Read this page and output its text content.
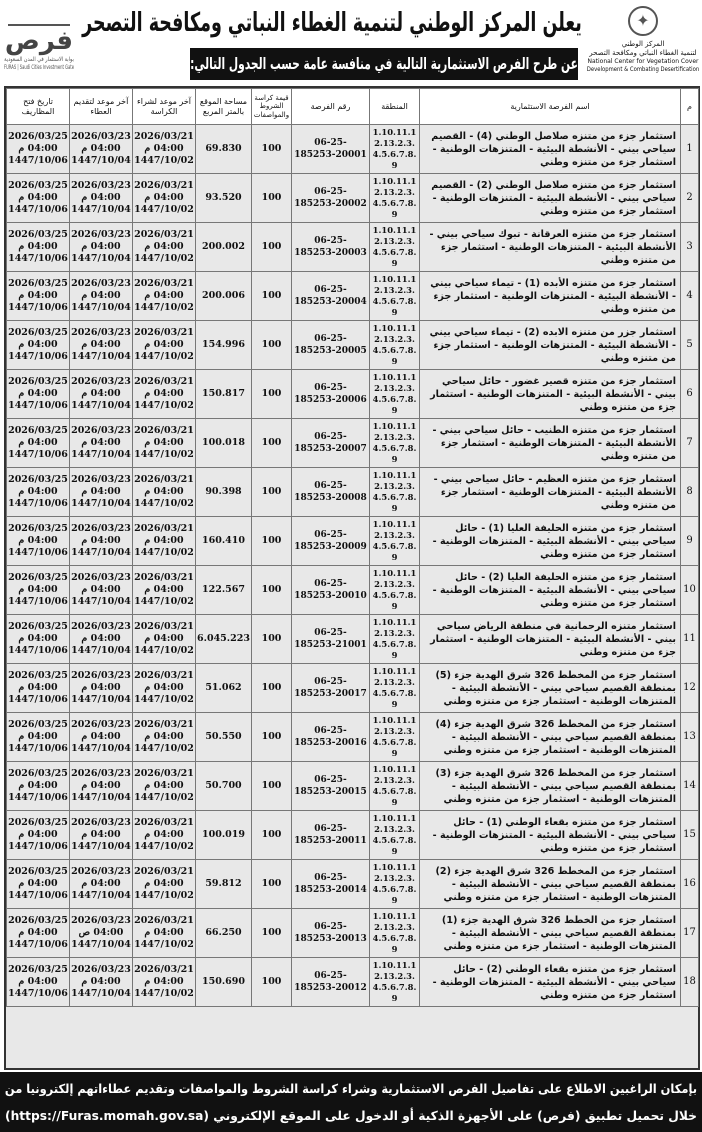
فرص
بوابة الاستثمار في المدن السعودية
FURAS | Saudi Cities Investment Gate
يعلن المركز الوطني لتنمية الغطاء النباتي ومكافحة التصحر
عن طرح الفرص الاستثمارية التالية في منافسة عامة حسب الجدول التالي:
✦
المركز الوطني
لتنمية الغطاء النباتي ومكافحة التصحر
National Center for Vegetation Cover
Development & Combating Desertification
م	اسم الفرصة الاستثمارية	المنطقة	رقم الفرصة	قيمة كراسة الشروط والمواصفات	مساحة الموقع بالمتر المربع	آخر موعد لشراء الكراسة	آخر موعد لتقديم العطاء	تاريخ فتح المظاريف
1	استثمار جزء من متنزه صلاصل الوطني (4) - القصيم سياحي بيني - الأنشطة البيئية - المتنزهات الوطنية - استثمار جزء من متنزه وطني	1.10.11.12.13.2.3.4.5.6.7.8.9	06-25-185253-20001	100	69.830	
2026/03/21
04:00 م
1447/10/02

2026/03/23
04:00 م
1447/10/04

2026/03/25
04:00 م
1447/10/06

2	استثمار جزء من متنزه صلاصل الوطني (2) - القصيم سياحي بيني - الأنشطة البيئية - المتنزهات الوطنية - استثمار جزء من متنزه وطني	1.10.11.12.13.2.3.4.5.6.7.8.9	06-25-185253-20002	100	93.520	
2026/03/21
04:00 م
1447/10/02

2026/03/23
04:00 م
1447/10/04

2026/03/25
04:00 م
1447/10/06

3	استثمار جزء من متنزه العرقانة - تبوك سياحي بيني - الأنشطة البيئية - المتنزهات الوطنية - استثمار جزء من متنزه وطني	1.10.11.12.13.2.3.4.5.6.7.8.9	06-25-185253-20003	100	200.002	
2026/03/21
04:00 م
1447/10/02

2026/03/23
04:00 م
1447/10/04

2026/03/25
04:00 م
1447/10/06

4	استثمار جزء من متنزه الأبده (1) - تيماء سياحي بيني - الأنشطة البيئية - المتنزهات الوطنية - استثمار جزء من متنزه وطني	1.10.11.12.13.2.3.4.5.6.7.8.9	06-25-185253-20004	100	200.006	
2026/03/21
04:00 م
1447/10/02

2026/03/23
04:00 م
1447/10/04

2026/03/25
04:00 م
1447/10/06

5	استثمار جزر من متنزه الابده (2) - تيماء سياحي بيني - الأنشطة البيئية - المتنزهات الوطنية - استثمار جزء من متنزه وطني	1.10.11.12.13.2.3.4.5.6.7.8.9	06-25-185253-20005	100	154.996	
2026/03/21
04:00 م
1447/10/02

2026/03/23
04:00 م
1447/10/04

2026/03/25
04:00 م
1447/10/06

6	استثمار جزء من متنزه قصير غضور - حائل سياحي بيني - الأنشطة البيئية - المتنزهات الوطنية - استثمار جزء من متنزه وطني	1.10.11.12.13.2.3.4.5.6.7.8.9	06-25-185253-20006	100	150.817	
2026/03/21
04:00 م
1447/10/02

2026/03/23
04:00 م
1447/10/04

2026/03/25
04:00 م
1447/10/06

7	استثمار جزء من متنزه الطنيب - حائل سياحي بيني - الأنشطة البيئية - المتنزهات الوطنية - استثمار جزء من متنزه وطني	1.10.11.12.13.2.3.4.5.6.7.8.9	06-25-185253-20007	100	100.018	
2026/03/21
04:00 م
1447/10/02

2026/03/23
04:00 م
1447/10/04

2026/03/25
04:00 م
1447/10/06

8	استثمار جزء من متنزه العظيم - حائل سياحي بيني - الأنشطة البيئية - المتنزهات الوطنية - استثمار جزء من متنزه وطني	1.10.11.12.13.2.3.4.5.6.7.8.9	06-25-185253-20008	100	90.398	
2026/03/21
04:00 م
1447/10/02

2026/03/23
04:00 م
1447/10/04

2026/03/25
04:00 م
1447/10/06

9	استثمار جزء من متنزه الحليفة العليا (1) - حائل سياحي بيني - الأنشطة البيئية - المتنزهات الوطنية - استثمار جزء من متنزه وطني	1.10.11.12.13.2.3.4.5.6.7.8.9	06-25-185253-20009	100	160.410	
2026/03/21
04:00 م
1447/10/02

2026/03/23
04:00 م
1447/10/04

2026/03/25
04:00 م
1447/10/06

10	استثمار جزء من متنزه الحليفة العليا (2) - حائل سياحي بيني - الأنشطة البيئية - المتنزهات الوطنية - استثمار جزء من متنزه وطني	1.10.11.12.13.2.3.4.5.6.7.8.9	06-25-185253-20010	100	122.567	
2026/03/21
04:00 م
1447/10/02

2026/03/23
04:00 م
1447/10/04

2026/03/25
04:00 م
1447/10/06

11	استثمار متنزه الرحمانية في منطقة الرياض سياحي بيني - الأنشطة البيئية - المتنزهات الوطنية - استثمار جزء من متنزه وطني	1.10.11.12.13.2.3.4.5.6.7.8.9	06-25-185253-21001	100	6.045.223	
2026/03/21
04:00 م
1447/10/02

2026/03/23
04:00 م
1447/10/04

2026/03/25
04:00 م
1447/10/06

12	استثمار جزء من المخطط 326 شرق الهدية جزء (5) بمنطقة القصيم سياحي بيني - الأنشطة البيئية - المتنزهات الوطنية - استثمار جزء من متنزه وطني	1.10.11.12.13.2.3.4.5.6.7.8.9	06-25-185253-20017	100	51.062	
2026/03/21
04:00 م
1447/10/02

2026/03/23
04:00 م
1447/10/04

2026/03/25
04:00 م
1447/10/06

13	استثمار جزء من المخطط 326 شرق الهدية جزء (4) بمنطقة القصيم سياحي بيني - الأنشطة البيئية - المتنزهات الوطنية - استثمار جزء من متنزه وطني	1.10.11.12.13.2.3.4.5.6.7.8.9	06-25-185253-20016	100	50.550	
2026/03/21
04:00 م
1447/10/02

2026/03/23
04:00 م
1447/10/04

2026/03/25
04:00 م
1447/10/06

14	استثمار جزء من المخطط 326 شرق الهدية جزء (3) بمنطقة القصيم سياحي بيني - الأنشطة البيئية - المتنزهات الوطنية - استثمار جزء من متنزه وطني	1.10.11.12.13.2.3.4.5.6.7.8.9	06-25-185253-20015	100	50.700	
2026/03/21
04:00 م
1447/10/02

2026/03/23
04:00 م
1447/10/04

2026/03/25
04:00 م
1447/10/06

15	استثمار جزء من متنزه بقعاء الوطني (1) - حائل سياحي بيني - الأنشطة البيئية - المتنزهات الوطنية - استثمار جزء من متنزه وطني	1.10.11.12.13.2.3.4.5.6.7.8.9	06-25-185253-20011	100	100.019	
2026/03/21
04:00 م
1447/10/02

2026/03/23
04:00 م
1447/10/04

2026/03/25
04:00 م
1447/10/06

16	استثمار جزء من المخطط 326 شرق الهدية جزء (2) بمنطقة القصيم سياحي بيني - الأنشطة البيئية - المتنزهات الوطنية - استثمار جزء من متنزه وطني	1.10.11.12.13.2.3.4.5.6.7.8.9	06-25-185253-20014	100	59.812	
2026/03/21
04:00 م
1447/10/02

2026/03/23
04:00 م
1447/10/04

2026/03/25
04:00 م
1447/10/06

17	استثمار جزء من الخطط 326 شرق الهدية جزء (1) بمنطقة القصيم سياحي بيني - الأنشطة البيئية - المتنزهات الوطنية - استثمار جزء من متنزه وطني	1.10.11.12.13.2.3.4.5.6.7.8.9	06-25-185253-20013	100	66.250	
2026/03/21
04:00 م
1447/10/02

2026/03/23
04:00 ص
1447/10/04

2026/03/25
04:00 م
1447/10/06

18	استثمار جزء من متنزه بقعاء الوطني (2) - حائل سياحي بيني - الأنشطة البيئية - المتنزهات الوطنية - استثمار جزء من متنزه وطني	1.10.11.12.13.2.3.4.5.6.7.8.9	06-25-185253-20012	100	150.690	
2026/03/21
04:00 م
1447/10/02

2026/03/23
04:00 م
1447/10/04

2026/03/25
04:00 م
1447/10/06
بإمكان الراغبين الاطلاع على تفاصيل الفرص الاستثمارية وشراء كراسة الشروط والمواصفات وتقديم عطاءاتهم إلكترونيا من
خلال تحميل تطبيق (فرص) على الأجهزة الذكية أو الدخول على الموقع الإلكتروني (https://Furas.momah.gov.sa)
